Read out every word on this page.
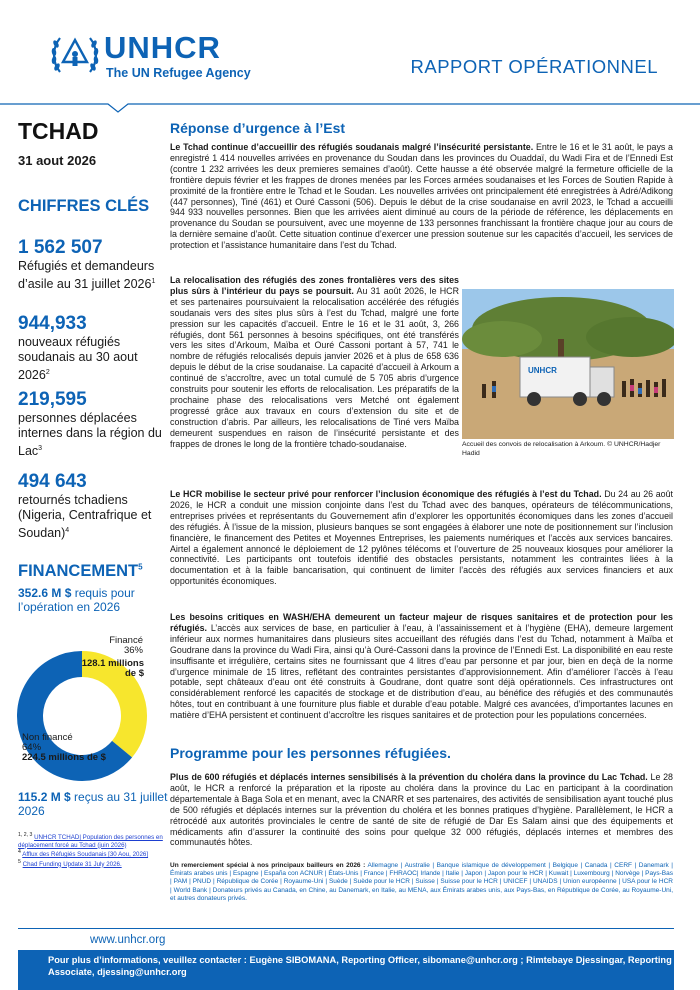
UNHCR
The UN Refugee Agency	RAPPORT OPÉRATIONNEL
TCHAD
31 aout 2026
CHIFFRES CLÉS
1 562 507
Réfugiés et demandeurs d’asile au 31 juillet 2026$^1$
944,933
nouveaux réfugiés soudanais au 30 aout 2026$^2$
219,595
personnes déplacées internes dans la région du Lac$^3$
494 643
retournés tchadiens (Nigeria, Centrafrique et Soudan)$^4$
FINANCEMENT$^5$
352.6 M $ requis pour l’opération en 2026
Financé
36%
128.1 millions de $
Non financé
64%
224.5 millions de $
115.2 M $ reçus au 31 juillet 2026
$^{1, 2, 3}$ UNHCR TCHAD| Population des personnes en déplacement forcé au Tchad (juin 2026)
$^4$ Afflux des Réfugiés Soudanais [30 Aou, 2026]
$^5$ Chad Funding Update 31 July 2026.
Réponse d’urgence à l’Est

Le Tchad continue d’accueillir des réfugiés soudanais malgré l’insécurité persistante. Entre le 16 et le 31 août, le pays a enregistré 1 414 nouvelles arrivées en provenance du Soudan dans les provinces du Ouaddaï, du Wadi Fira et de l’Ennedi Est (contre 1 232 arrivées les deux premieres semaines d’août). Cette hausse a été observée malgré la fermeture officielle de la frontière depuis février et les frappes de drones menées par les Forces armées soudanaises et les Forces de Soutien Rapide à proximité de la frontière entre le Tchad et le Soudan. Les nouvelles arrivées ont principalement été enregistrées à Adré/Adikong (447 personnes), Tiné (461) et Ouré Cassoni (506). Depuis le début de la crise soudanaise en avril 2023, le Tchad a accueilli 944 933 nouvelles personnes. Bien que les arrivées aient diminué au cours de la période de référence, les déplacements en provenance du Soudan se poursuivent, avec une moyenne de 133 personnes franchissant la frontière chaque jour au cours de la dernière semaine d’août. Cette situation continue d’exercer une pression soutenue sur les capacités d’accueil, les services de protection et l’assistance humanitaire dans l’est du Tchad.

La relocalisation des réfugiés des zones frontalières vers des sites plus sûrs à l’intérieur du pays se poursuit. Au 31 août 2026, le HCR et ses partenaires poursuivaient la relocalisation accélérée des réfugiés soudanais vers des sites plus sûrs à l’est du Tchad, malgré une forte pression sur les capacités d’accueil. Entre le 16 et le 31 août, 3, 266 réfugiés, dont 561 personnes à besoins spécifiques, ont été transférés vers les sites d’Arkoum, Maïba et Ouré Cassoni portant à 57, 741 le nombre de réfugiés relocalisés depuis janvier 2026 et à plus de 658 636 depuis le début de la crise soudanaise. La capacité d’accueil à Arkoum a continué de s’accroître, avec un total cumulé de 5 705 abris d’urgence construits pour soutenir les efforts de relocalisation. Les préparatifs de la prochaine phase des relocalisations vers Metché ont également progressé grâce aux travaux en cours d’extension du site et de construction d’abris. Par ailleurs, les relocalisations de Tiné vers Maïba demeurent suspendues en raison de l’insécurité persistante et des frappes de drones le long de la frontière tchado-soudanaise.

UNHCR
Accueil des convois de relocalisation à Arkoum. © UNHCR/Hadjer Hadid

Le HCR mobilise le secteur privé pour renforcer l’inclusion économique des réfugiés à l’est du Tchad. Du 24 au 26 août 2026, le HCR a conduit une mission conjointe dans l’est du Tchad avec des banques, opérateurs de télécommunications, entreprises privées et représentants du Gouvernement afin d’explorer les opportunités économiques dans les zones d’accueil des réfugiés. À l’issue de la mission, plusieurs banques se sont engagées à élaborer une note de positionnement sur l’inclusion financière, le financement des Petites et Moyennes Entreprises, les paiements numériques et l’accès aux services bancaires. Airtel a également annoncé le déploiement de 12 pylônes télécoms et l’ouverture de 25 nouveaux kiosques pour améliorer la connectivité. Les participants ont toutefois identifié des obstacles persistants, notamment les contraintes liées à la documentation et à la faible bancarisation, qui continuent de limiter l’accès des réfugiés aux services financiers et aux opportunités économiques.

Les besoins critiques en WASH/EHA demeurent un facteur majeur de risques sanitaires et de protection pour les réfugiés. L’accès aux services de base, en particulier à l’eau, à l’assainissement et à l’hygiène (EHA), demeure largement inférieur aux normes humanitaires dans plusieurs sites accueillant des réfugiés dans l’est du Tchad, notamment à Maïba et Goudrane dans la province du Wadi Fira, ainsi qu’à Ouré-Cassoni dans la province de l’Ennedi Est. La disponibilité en eau reste insuffisante et irrégulière, certains sites ne fournissant que 4 litres d’eau par personne et par jour, bien en deçà de la norme d’urgence minimale de 15 litres, reflétant des contraintes persistantes d’approvisionnement. Afin d’améliorer l’accès à l’eau potable, sept châteaux d’eau ont été construits à Goudrane, dont quatre sont déjà opérationnels. Ces infrastructures ont considérablement renforcé les capacités de stockage et de distribution d’eau, au bénéfice des réfugiés et des communautés hôtes, tout en contribuant à une fourniture plus fiable et durable d’eau potable. Malgré ces avancées, d’importantes lacunes en matière d’EHA persistent et continuent d’accroître les risques sanitaires et de protection pour les populations concernées.

Programme pour les personnes réfugiées.

Plus de 600 réfugiés et déplacés internes sensibilisés à la prévention du choléra dans la province du Lac Tchad. Le 28 août, le HCR a renforcé la préparation et la riposte au choléra dans la province du Lac en participant à la coordination départementale à Baga Sola et en menant, avec la CNARR et ses partenaires, des activités de sensibilisation ayant touché plus de 500 réfugiés et déplacés internes sur la prévention du choléra et les bonnes pratiques d’hygiène. Parallèlement, le HCR a rétrocédé aux autorités provinciales le centre de santé de site de réfugié de Dar Es Salam ainsi que des équipements et médicaments afin d’assurer la continuité des soins pour quelque 32 000 réfugiés, déplacés internes et membres des communautés hôtes.

Un remerciement spécial à nos principaux bailleurs en 2026 : Allemagne | Australie | Banque islamique de développement | Belgique | Canada | CERF | Danemark | Émirats arabes unis | Espagne | España con ACNUR | États-Unis | France | FHRAOC| Irlande | Italie | Japon | Japon pour le HCR | Kuwait | Luxembourg | Norvège | Pays-Bas | PAM | PNUD | République de Corée | Royaume-Uni | Suède | Suède pour le HCR | Suisse | Suisse pour le HCR | UNICEF | UNAIDS | Union européenne | USA pour le HCR | World Bank | Donateurs privés au Canada, en Chine, au Danemark, en Italie, au MENA, aux Émirats arabes unis, aux Pays-Bas, en République de Corée, au Royaume-Uni, et autres donateurs privés.
www.unhcr.org
Pour plus d’informations, veuillez contacter : Eugène SIBOMANA, Reporting Officer, sibomane@unhcr.org ; Rimtebaye Djessingar, Reporting Associate, djessing@unhcr.org
